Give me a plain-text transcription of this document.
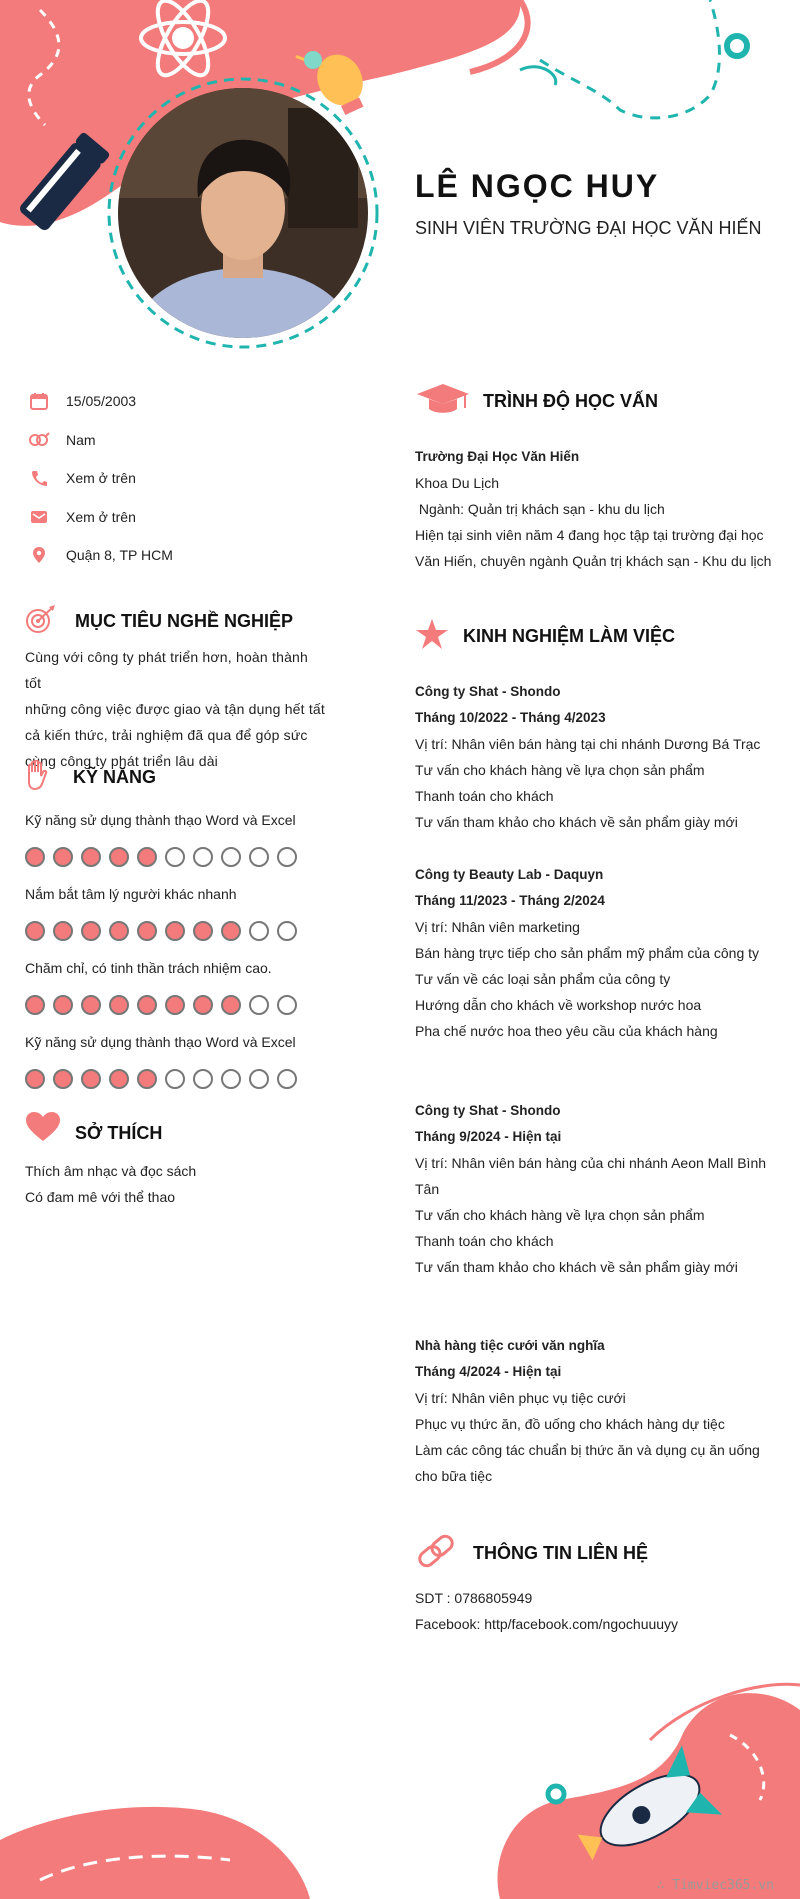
LÊ NGỌC HUY

SINH VIÊN TRƯỜNG ĐẠI HỌC VĂN HIẾN

15/05/2003
Nam
Xem ở trên
Xem ở trên
Quận 8, TP HCM
MỤC TIÊU NGHỀ NGHIỆP

Cùng với công ty phát triển hơn, hoàn thành tốt

những công việc được giao và tận dụng hết tất

cả kiến thức, trải nghiệm đã qua để góp sức

cùng công ty phát triển lâu dài

KỸ NĂNG
Kỹ năng sử dụng thành thạo Word và Excel
Nắm bắt tâm lý người khác nhanh
Chăm chỉ, có tinh thần trách nhiệm cao.
Kỹ năng sử dụng thành thạo Word và Excel
SỞ THÍCH

Thích âm nhạc và đọc sách

Có đam mê với thể thao

TRÌNH ĐỘ HỌC VẤN
Trường Đại Học Văn Hiến
Khoa Du Lịch
Ngành: Quản trị khách sạn - khu du lịch
Hiện tại sinh viên năm 4 đang học tập tại trường đại học
Văn Hiến, chuyên ngành Quản trị khách sạn - Khu du lịch
KINH NGHIỆM LÀM VIỆC
Công ty Shat - Shondo
Tháng 10/2022 - Tháng 4/2023
Vị trí: Nhân viên bán hàng tại chi nhánh Dương Bá Trạc
Tư vấn cho khách hàng về lựa chọn sản phẩm
Thanh toán cho khách
Tư vấn tham khảo cho khách về sản phẩm giày mới
Công ty Beauty Lab - Daquyn
Tháng 11/2023 - Tháng 2/2024
Vị trí: Nhân viên marketing
Bán hàng trực tiếp cho sản phẩm mỹ phẩm của công ty
Tư vấn về các loại sản phẩm của công ty
Hướng dẫn cho khách về workshop nước hoa
Pha chế nước hoa theo yêu cầu của khách hàng
Công ty Shat - Shondo
Tháng 9/2024 - Hiện tại
Vị trí: Nhân viên bán hàng của chi nhánh Aeon Mall Bình
Tân
Tư vấn cho khách hàng về lựa chọn sản phẩm
Thanh toán cho khách
Tư vấn tham khảo cho khách về sản phẩm giày mới
Nhà hàng tiệc cưới văn nghĩa
Tháng 4/2024 - Hiện tại
Vị trí: Nhân viên phục vụ tiệc cưới
Phục vụ thức ăn, đồ uống cho khách hàng dự tiệc
Làm các công tác chuẩn bị thức ăn và dụng cụ ăn uống
cho bữa tiệc
THÔNG TIN LIÊN HỆ
SDT : 0786805949
Facebook: http/facebook.com/ngochuuuyy
∴ Timviec365.vn
